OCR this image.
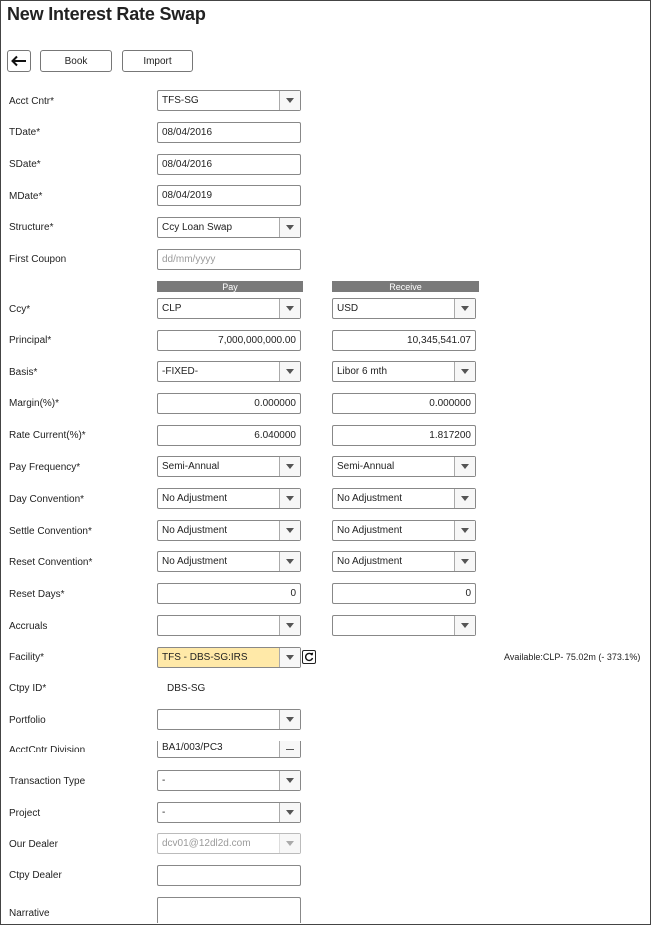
New Interest Rate Swap
Book	Import
Acct Cntr*	TFS-SG
TDate*	08/04/2016
SDate*	08/04/2016
MDate*	08/04/2019
Structure*	Ccy Loan Swap
First Coupon	dd/mm/yyyy
Pay	Receive
Ccy*	CLP	USD
Principal*	7,000,000,000.00	10,345,541.07
Basis*	-FIXED-	Libor 6 mth
Margin(%)*	0.000000	0.000000
Rate Current(%)*	6.040000	1.817200
Pay Frequency*	Semi-Annual	Semi-Annual
Day Convention*	No Adjustment	No Adjustment
Settle Convention*	No Adjustment	No Adjustment
Reset Convention*	No Adjustment	No Adjustment
Reset Days*	0	0
Accruals
Facility*	TFS - DBS-SG:IRS	Available:CLP- 75.02m (- 373.1%)
Ctpy ID*	DBS-SG
Portfolio
AcctCntr Division	BA1/003/PC3
Transaction Type	-
Project	-
Our Dealer	dcv01@12dl2d.com
Ctpy Dealer
Narrative
